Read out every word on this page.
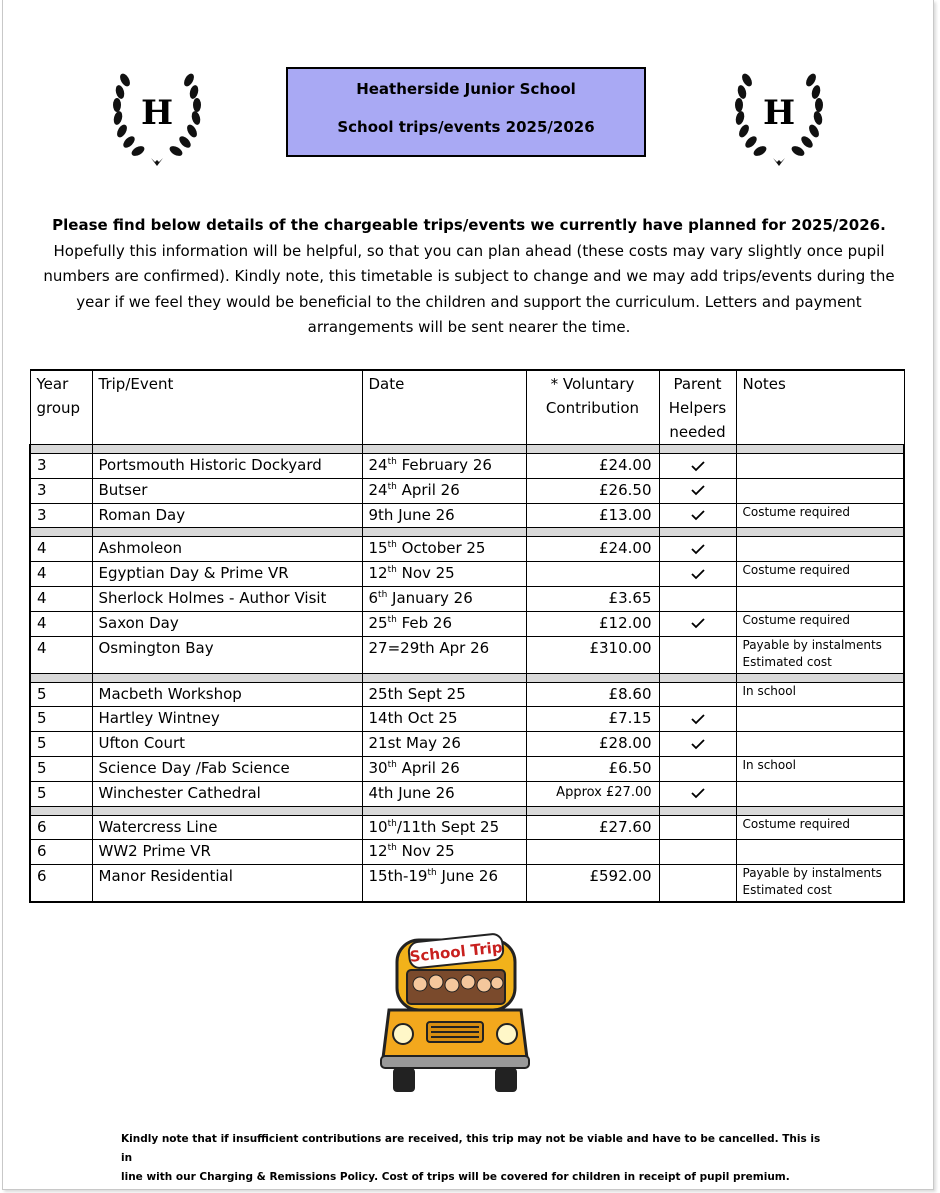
H	H
Heatherside Junior School
School trips/events 2025/2026
Please find below details of the chargeable trips/events we currently have planned for 2025/2026. Hopefully this information will be helpful, so that you can plan ahead (these costs may vary slightly once pupil numbers are confirmed). Kindly note, this timetable is subject to change and we may add trips/events during the year if we feel they would be beneficial to the children and support the curriculum. Letters and payment arrangements will be sent nearer the time.
Year group	Trip/Event	Date	* Voluntary Contribution	Parent Helpers needed	Notes

3	Portsmouth Historic Dockyard	24th February 26	£24.00		
3	Butser	24th April 26	£26.50		
3	Roman Day	9th June 26	£13.00		Costume required

4	Ashmoleon	15th October 25	£24.00		
4	Egyptian Day & Prime VR	12th Nov 25			Costume required

4	Sherlock Holmes - Author Visit	6th January 26	£3.65		
4	Saxon Day	25th Feb 26	£12.00		Costume required

4	Osmington Bay	27=29th Apr 26	£310.00		Payable by instalments
Estimated cost

5	Macbeth Workshop	25th Sept 25	£8.60		In school

5	Hartley Wintney	14th Oct 25	£7.15		
5	Ufton Court	21st May 26	£28.00		
5	Science Day /Fab Science	30th April 26	£6.50		In school

5	Winchester Cathedral	4th June 26	Approx £27.00		

6	Watercress Line	10th/11th Sept 25	£27.60		Costume required

6	WW2 Prime VR	12th Nov 25			
6	Manor Residential	15th-19th June 26	£592.00		Payable by instalments
Estimated cost
School Trip
Kindly note that if insufficient contributions are received, this trip may not be viable and have to be cancelled. This is in
line with our Charging & Remissions Policy. Cost of trips will be covered for children in receipt of pupil premium.
